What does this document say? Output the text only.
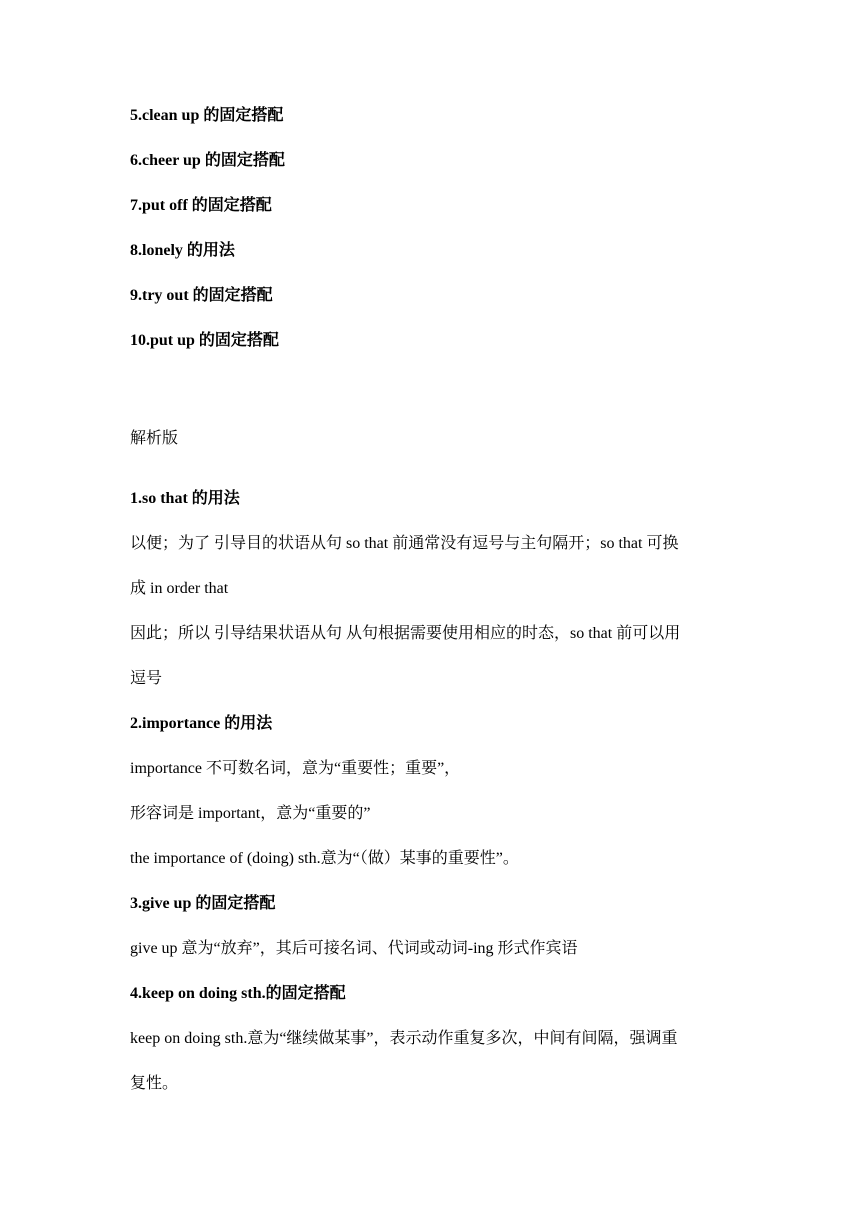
5.clean up 的固定搭配
6.cheer up 的固定搭配
7.put off 的固定搭配
8.lonely 的用法
9.try out 的固定搭配
10.put up 的固定搭配
解析版
1.so that 的用法
以便；为了 引导目的状语从句 so that 前通常没有逗号与主句隔开；so that 可换
成 in order that
因此；所以 引导结果状语从句 从句根据需要使用相应的时态，so that 前可以用
逗号
2.importance 的用法
importance 不可数名词，意为“重要性；重要”，
形容词是 important，意为“重要的”
the importance of (doing) sth.意为“（做）某事的重要性”。
3.give up 的固定搭配
give up 意为“放弃”，其后可接名词、代词或动词-ing 形式作宾语
4.keep on doing sth.的固定搭配
keep on doing sth.意为“继续做某事”，表示动作重复多次，中间有间隔，强调重
复性。
